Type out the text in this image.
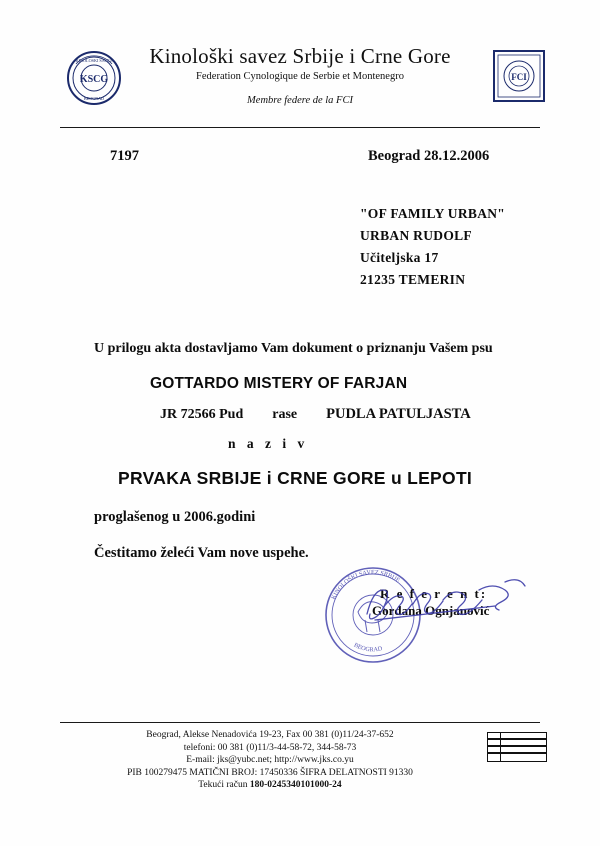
KSCG
KINOLOSKI SAVEZ
BEOGRAD
Kinološki savez Srbije i Crne Gore
Federation Cynologique de Serbie et Montenegro
Membre federe de la FCI
FCI
7197	Beograd 28.12.2006
"OF FAMILY URBAN"
URBAN RUDOLF
Učiteljska 17
21235 TEMERIN
U prilogu akta dostavljamo Vam dokument o priznanju Vašem psu
GOTTARDO MISTERY OF FARJAN
JR 72566 Pud rase PUDLA PATULJASTA
n a z i v
PRVAKA SRBIJE i CRNE GORE u LEPOTI
proglašenog u 2006.godini
Čestitamo želeći Vam nove uspehe.
KINOLOŠKI SAVEZ SRBIJE
BEOGRAD
R e f e r e n t:
Gordana Ognjanović
Beograd, Alekse Nenadovića 19-23, Fax 00 381 (0)11/24-37-652
telefoni: 00 381 (0)11/3-44-58-72, 344-58-73
E-mail: jks@yubc.net; http://www.jks.co.yu
PIB 100279475 MATIČNI BROJ: 17450336 ŠIFRA DELATNOSTI 91330
Tekući račun 180-0245340101000-24
